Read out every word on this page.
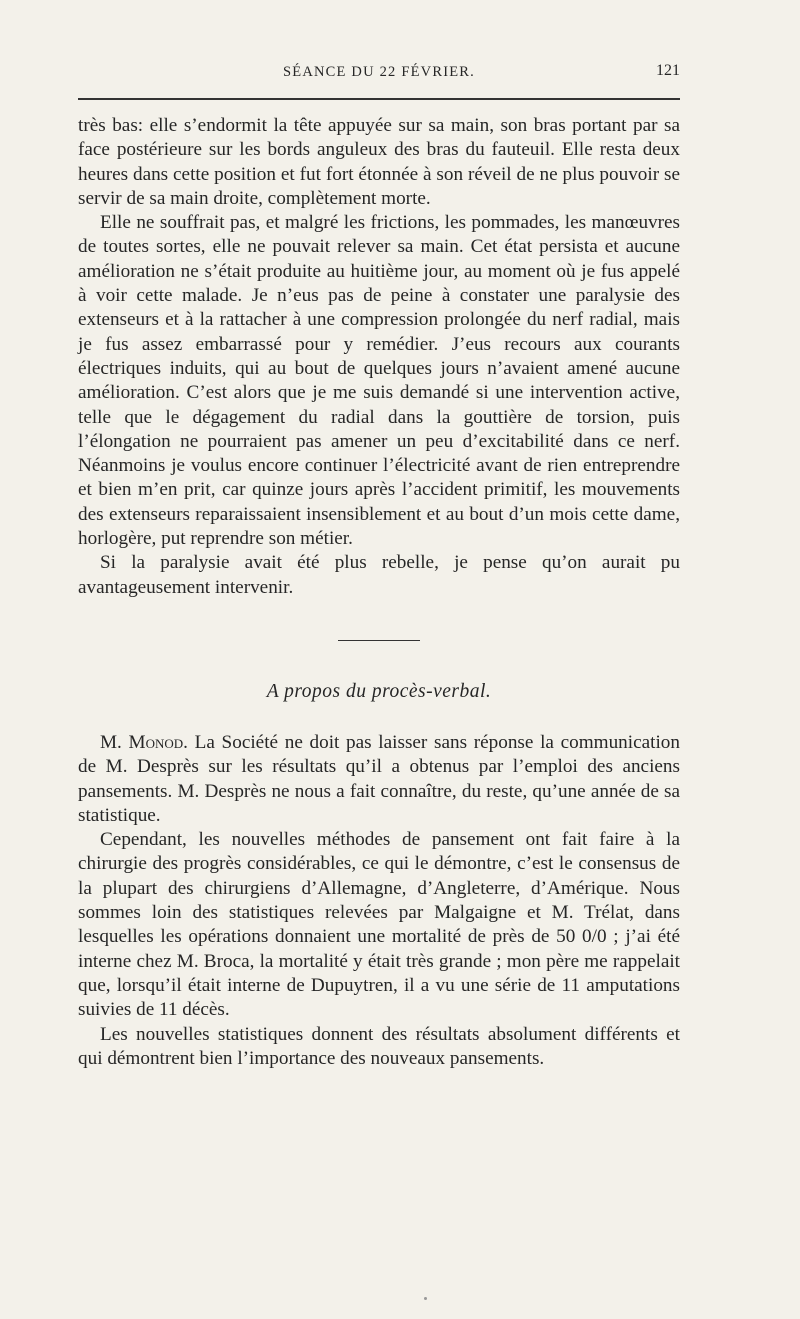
SÉANCE DU 22 FÉVRIER.	121

très bas: elle s’endormit la tête appuyée sur sa main, son bras portant par sa face postérieure sur les bords anguleux des bras du fauteuil. Elle resta deux heures dans cette position et fut fort étonnée à son réveil de ne plus pouvoir se servir de sa main droite, complètement morte.

Elle ne souffrait pas, et malgré les frictions, les pommades, les manœuvres de toutes sortes, elle ne pouvait relever sa main. Cet état persista et aucune amélioration ne s’était produite au huitième jour, au moment où je fus appelé à voir cette malade. Je n’eus pas de peine à constater une paralysie des extenseurs et à la rattacher à une compression prolongée du nerf radial, mais je fus assez embarrassé pour y remédier. J’eus recours aux courants électriques induits, qui au bout de quelques jours n’avaient amené aucune amélioration. C’est alors que je me suis demandé si une intervention active, telle que le dégagement du radial dans la gouttière de torsion, puis l’élongation ne pourraient pas amener un peu d’excitabilité dans ce nerf. Néanmoins je voulus encore continuer l’électricité avant de rien entreprendre et bien m’en prit, car quinze jours après l’accident primitif, les mouvements des extenseurs reparaissaient insensiblement et au bout d’un mois cette dame, horlogère, put reprendre son métier.

Si la paralysie avait été plus rebelle, je pense qu’on aurait pu avantageusement intervenir.

A propos du procès-verbal.

M. Monod. La Société ne doit pas laisser sans réponse la communication de M. Desprès sur les résultats qu’il a obtenus par l’emploi des anciens pansements. M. Desprès ne nous a fait connaître, du reste, qu’une année de sa statistique.

Cependant, les nouvelles méthodes de pansement ont fait faire à la chirurgie des progrès considérables, ce qui le démontre, c’est le consensus de la plupart des chirurgiens d’Allemagne, d’Angleterre, d’Amérique. Nous sommes loin des statistiques relevées par Malgaigne et M. Trélat, dans lesquelles les opérations donnaient une mortalité de près de 50 0/0 ; j’ai été interne chez M. Broca, la mortalité y était très grande ; mon père me rappelait que, lorsqu’il était interne de Dupuytren, il a vu une série de 11 amputations suivies de 11 décès.

Les nouvelles statistiques donnent des résultats absolument différents et qui démontrent bien l’importance des nouveaux pansements.
